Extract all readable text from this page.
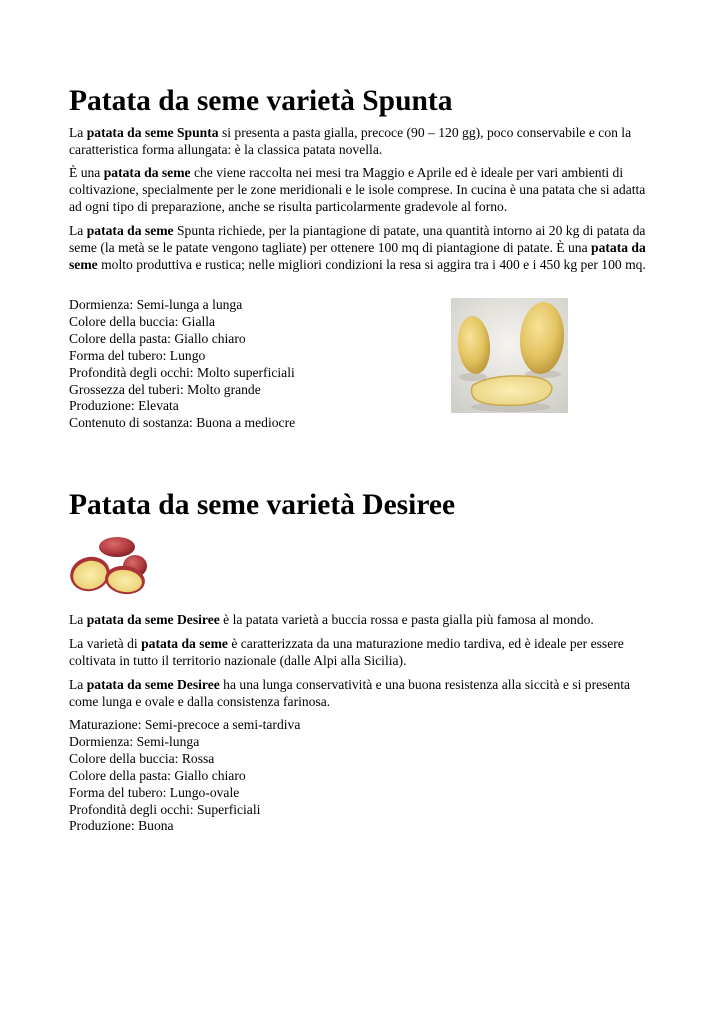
Patata da seme varietà Spunta

La patata da seme Spunta si presenta a pasta gialla, precoce (90 – 120 gg), poco conservabile e con la caratteristica forma allungata: è la classica patata novella.

È una patata da seme che viene raccolta nei mesi tra Maggio e Aprile ed è ideale per vari ambienti di coltivazione, specialmente per le zone meridionali e le isole comprese. In cucina è una patata che si adatta ad ogni tipo di preparazione, anche se risulta particolarmente gradevole al forno.

La patata da seme Spunta richiede, per la piantagione di patate, una quantità intorno ai 20 kg di patata da seme (la metà se le patate vengono tagliate) per ottenere 100 mq di piantagione di patate. È una patata da seme molto produttiva e rustica; nelle migliori condizioni la resa si aggira tra i 400 e i 450 kg per 100 mq.

Dormienza: Semi-lunga a lunga
Colore della buccia: Gialla
Colore della pasta: Giallo chiaro
Forma del tubero: Lungo
Profondità degli occhi: Molto superficiali
Grossezza del tuberi: Molto grande
Produzione: Elevata
Contenuto di sostanza: Buona a mediocre
Patata da seme varietà Desiree

La patata da seme Desiree è la patata varietà a buccia rossa e pasta gialla più famosa al mondo.

La varietà di patata da seme è caratterizzata da una maturazione medio tardiva, ed è ideale per essere coltivata in tutto il territorio nazionale (dalle Alpi alla Sicilia).

La patata da seme Desiree ha una lunga conservatività e una buona resistenza alla siccità e si presenta come lunga e ovale e dalla consistenza farinosa.

Maturazione: Semi-precoce a semi-tardiva
Dormienza: Semi-lunga
Colore della buccia: Rossa
Colore della pasta: Giallo chiaro
Forma del tubero: Lungo-ovale
Profondità degli occhi: Superficiali
Produzione: Buona
